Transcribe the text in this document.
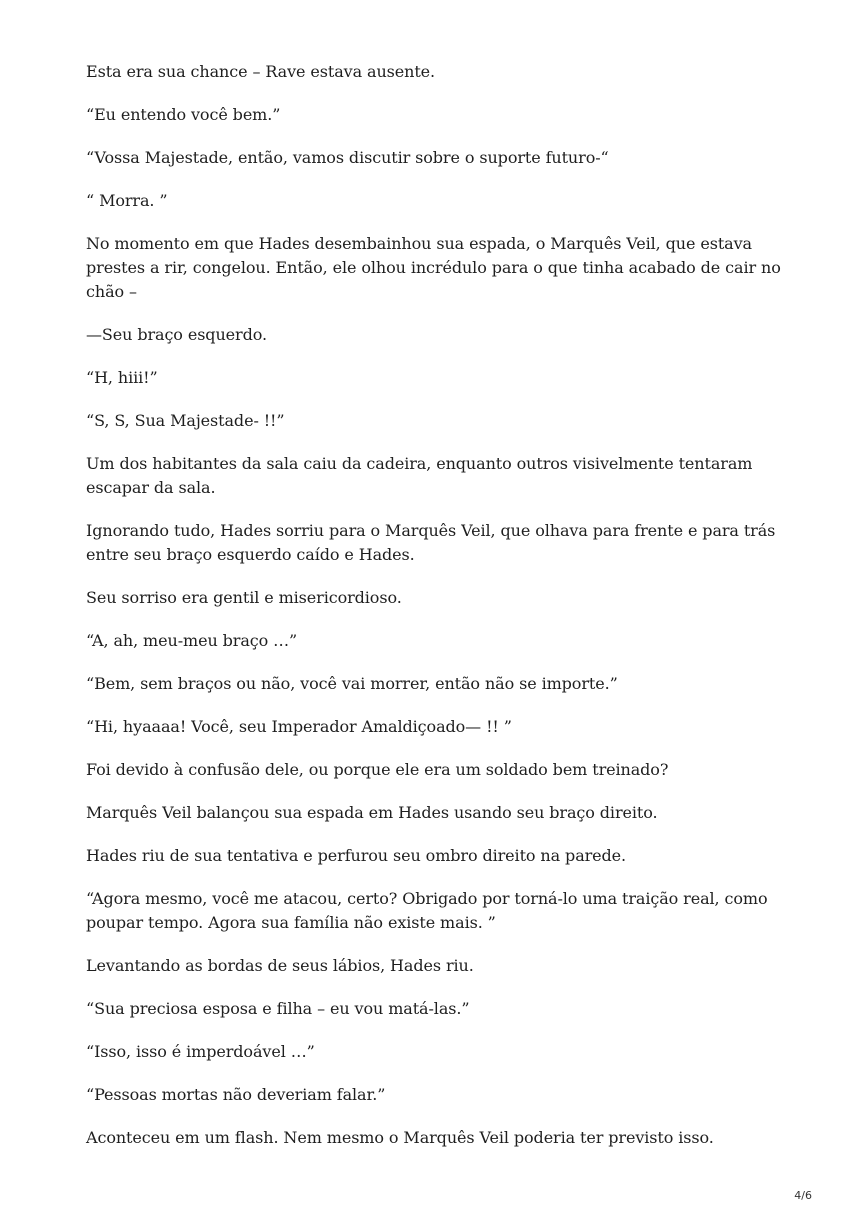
Esta era sua chance – Rave estava ausente.

“Eu entendo você bem.”

“Vossa Majestade, então, vamos discutir sobre o suporte futuro-“

“ Morra. ”

No momento em que Hades desembainhou sua espada, o Marquês Veil, que estava prestes a rir, congelou. Então, ele olhou incrédulo para o que tinha acabado de cair no chão –

—Seu braço esquerdo.

“H, hiii!”

“S, S, Sua Majestade- !!”

Um dos habitantes da sala caiu da cadeira, enquanto outros visivelmente tentaram escapar da sala.

Ignorando tudo, Hades sorriu para o Marquês Veil, que olhava para frente e para trás entre seu braço esquerdo caído e Hades.

Seu sorriso era gentil e misericordioso.

“A, ah, meu-meu braço …”

“Bem, sem braços ou não, você vai morrer, então não se importe.”

“Hi, hyaaaa! Você, seu Imperador Amaldiçoado— !! ”

Foi devido à confusão dele, ou porque ele era um soldado bem treinado?

Marquês Veil balançou sua espada em Hades usando seu braço direito.

Hades riu de sua tentativa e perfurou seu ombro direito na parede.

“Agora mesmo, você me atacou, certo? Obrigado por torná-lo uma traição real, como poupar tempo. Agora sua família não existe mais. ”

Levantando as bordas de seus lábios, Hades riu.

“Sua preciosa esposa e filha – eu vou matá-las.”

“Isso, isso é imperdoável …”

“Pessoas mortas não deveriam falar.”

Aconteceu em um flash. Nem mesmo o Marquês Veil poderia ter previsto isso.

4/6
